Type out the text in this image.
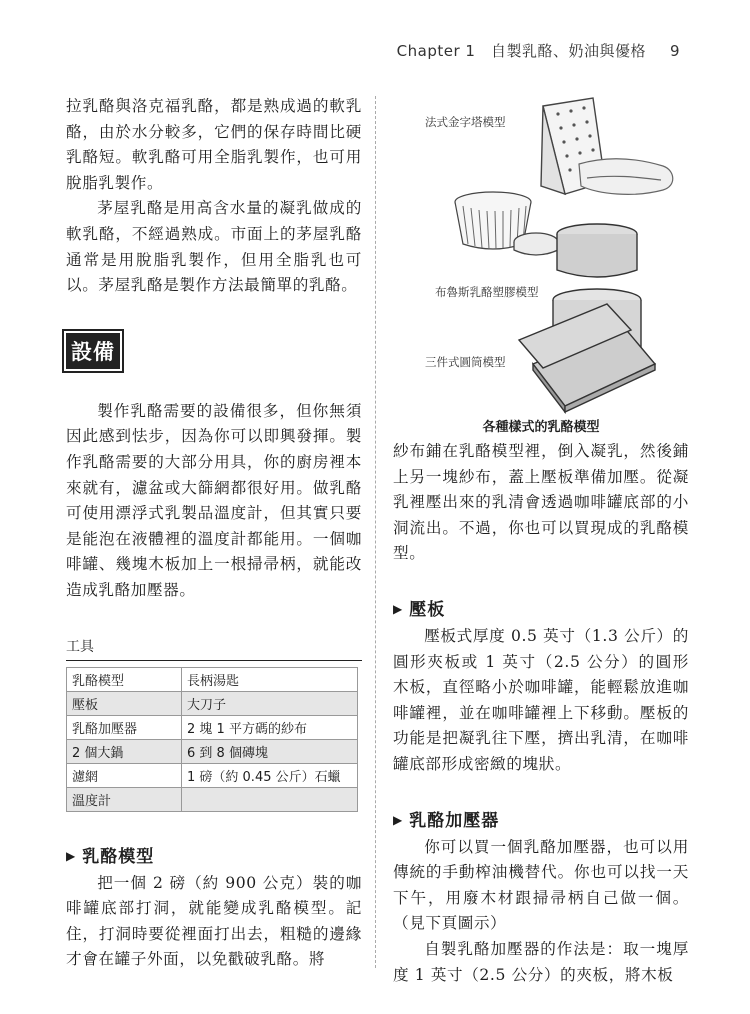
Chapter 1　自製乳酪、奶油與優格 9

拉乳酪與洛克福乳酪，都是熟成過的軟乳酪，由於水分較多，它們的保存時間比硬乳酪短。軟乳酪可用全脂乳製作，也可用脫脂乳製作。

茅屋乳酪是用高含水量的凝乳做成的軟乳酪，不經過熟成。市面上的茅屋乳酪通常是用脫脂乳製作，但用全脂乳也可以。茅屋乳酪是製作方法最簡單的乳酪。

設備

製作乳酪需要的設備很多，但你無須因此感到怯步，因為你可以即興發揮。製作乳酪需要的大部分用具，你的廚房裡本來就有，濾盆或大篩網都很好用。做乳酪可使用漂浮式乳製品溫度計，但其實只要是能泡在液體裡的溫度計都能用。一個咖啡罐、幾塊木板加上一根掃帚柄，就能改造成乳酪加壓器。

工具
乳酪模型	長柄湯匙
壓板	大刀子
乳酪加壓器	2 塊 1 平方碼的紗布
2 個大鍋	6 到 8 個磚塊
濾網	1 磅（約 0.45 公斤）石蠟
溫度計	
▶ 乳酪模型

把一個 2 磅（約 900 公克）裝的咖啡罐底部打洞，就能變成乳酪模型。記住，打洞時要從裡面打出去，粗糙的邊緣才會在罐子外面，以免戳破乳酪。將

法式金字塔模型
布魯斯乳酪塑膠模型
三件式圓筒模型

各種樣式的乳酪模型

紗布鋪在乳酪模型裡，倒入凝乳，然後鋪上另一塊紗布，蓋上壓板準備加壓。從凝乳裡壓出來的乳清會透過咖啡罐底部的小洞流出。不過，你也可以買現成的乳酪模型。

▶ 壓板

壓板式厚度 0.5 英寸（1.3 公斤）的圓形夾板或 1 英寸（2.5 公分）的圓形木板，直徑略小於咖啡罐，能輕鬆放進咖啡罐裡，並在咖啡罐裡上下移動。壓板的功能是把凝乳往下壓，擠出乳清，在咖啡罐底部形成密緻的塊狀。

▶ 乳酪加壓器

你可以買一個乳酪加壓器，也可以用傳統的手動榨油機替代。你也可以找一天下午，用廢木材跟掃帚柄自己做一個。（見下頁圖示）

自製乳酪加壓器的作法是：取一塊厚度 1 英寸（2.5 公分）的夾板，將木板
